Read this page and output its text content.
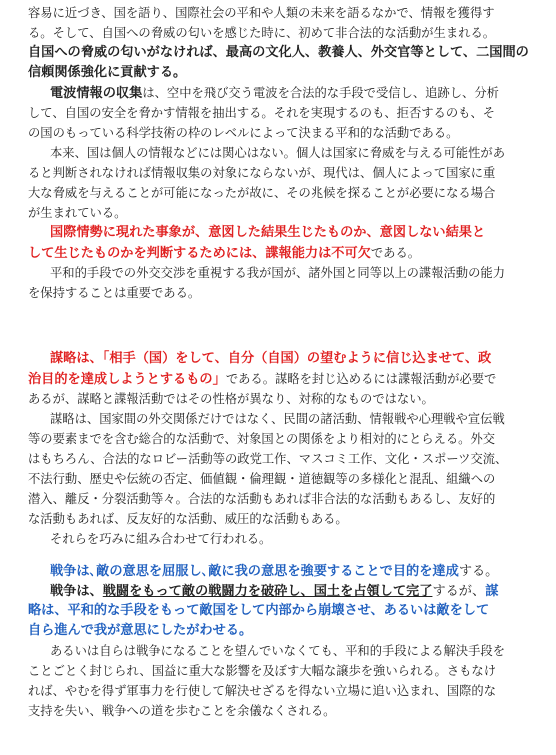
容易に近づき、国を語り、国際社会の平和や人類の未来を語るなかで、情報を獲得す
る。そして、自国への脅威の匂いを感じた時に、初めて非合法的な活動が生まれる。
自国への脅威の匂いがなければ、最高の文化人、教養人、外交官等として、二国間の
信頼関係強化に貢献する。
電波情報の収集は、空中を飛び交う電波を合法的な手段で受信し、追跡し、分析
して、自国の安全を脅かす情報を抽出する。それを実現するのも、拒否するのも、そ
の国のもっている科学技術の枠のレベルによって決まる平和的な活動である。
本来、国は個人の情報などには関心はない。個人は国家に脅威を与える可能性があ
ると判断されなければ情報収集の対象にならないが、現代は、個人によって国家に重
大な脅威を与えることが可能になったが故に、その兆候を探ることが必要になる場合
が生まれている。
国際情勢に現れた事象が、意図した結果生じたものか、意図しない結果と
して生じたものかを判断するためには、諜報能力は不可欠である。
平和的手段での外交交渉を重視する我が国が、諸外国と同等以上の諜報活動の能力
を保持することは重要である。
謀略は、「相手（国）をして、自分（自国）の望むように信じ込ませて、政
治目的を達成しようとするもの」である。謀略を封じ込めるには諜報活動が必要で
あるが、謀略と諜報活動ではその性格が異なり、対称的なものではない。
謀略は、国家間の外交関係だけではなく、民間の諸活動、情報戦や心理戦や宣伝戦
等の要素までを含む総合的な活動で、対象国との関係をより相対的にとらえる。外交
はもちろん、合法的なロビー活動等の政党工作、マスコミ工作、文化・スポーツ交流、
不法行動、歴史や伝統の否定、価値観・倫理観・道徳観等の多様化と混乱、組織への
潜入、離反・分裂活動等々。合法的な活動もあれば非合法的な活動もあるし、友好的
な活動もあれば、反友好的な活動、威圧的な活動もある。
それらを巧みに組み合わせて行われる。
戦争は､敵の意思を屈服し､敵に我の意思を強要することで目的を達成する。
戦争は、戦闘をもって敵の戦闘力を破砕し、国土を占領して完了するが、謀
略は、平和的な手段をもって敵国をして内部から崩壊させ、あるいは敵をして
自ら進んで我が意思にしたがわせる。
あるいは自らは戦争になることを望んでいなくても、平和的手段による解決手段を
ことごとく封じられ、国益に重大な影響を及ぼす大幅な譲歩を強いられる。さもなけ
れば、やむを得ず軍事力を行使して解決せざるを得ない立場に追い込まれ、国際的な
支持を失い、戦争への道を歩むことを余儀なくされる。
